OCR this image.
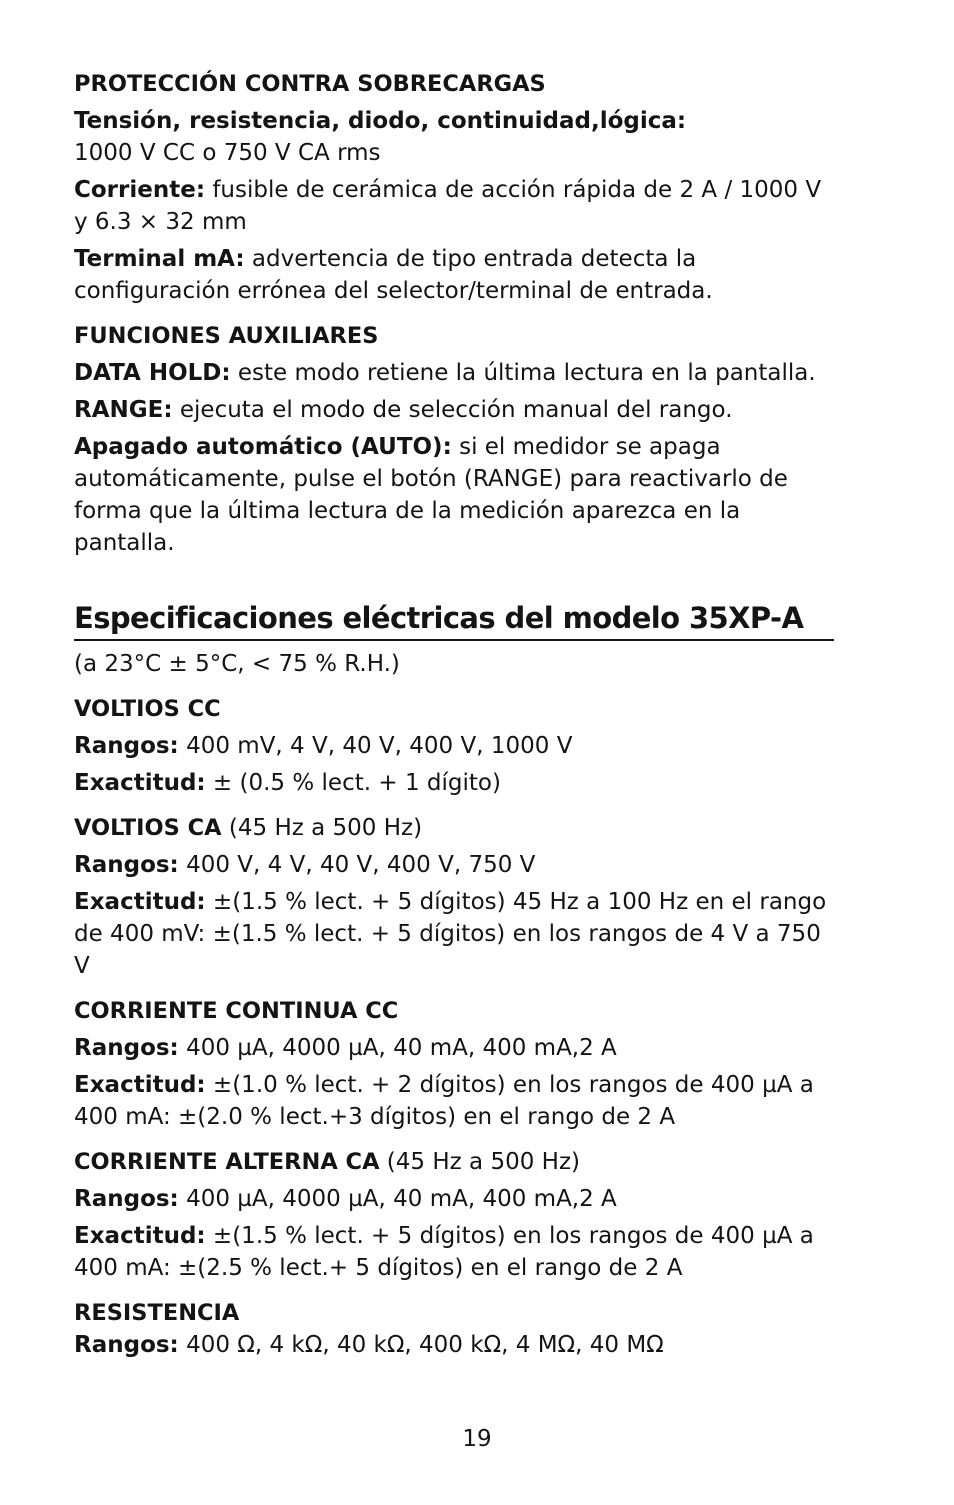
PROTECCIÓN CONTRA SOBRECARGAS

Tensión, resistencia, diodo, continuidad,lógica:

1000 V CC o 750 V CA rms

Corriente: fusible de cerámica de acción rápida de 2 A / 1000 V y 6.3 × 32 mm

Terminal mA: advertencia de tipo entrada detecta la configuración errónea del selector/terminal de entrada.

FUNCIONES AUXILIARES

DATA HOLD: este modo retiene la última lectura en la pantalla.

RANGE: ejecuta el modo de selección manual del rango.

Apagado automático (AUTO): si el medidor se apaga automáticamente, pulse el botón (RANGE) para reactivarlo de forma que la última lectura de la medición aparezca en la pantalla.

Especificaciones eléctricas del modelo 35XP-A

(a 23°C ± 5°C, < 75 % R.H.)

VOLTIOS CC

Rangos: 400 mV, 4 V, 40 V, 400 V, 1000 V

Exactitud: ± (0.5 % lect. + 1 dígito)

VOLTIOS CA (45 Hz a 500 Hz)

Rangos: 400 V, 4 V, 40 V, 400 V, 750 V

Exactitud: ±(1.5 % lect. + 5 dígitos) 45 Hz a 100 Hz en el rango de 400 mV: ±(1.5 % lect. + 5 dígitos) en los rangos de 4 V a 750 V

CORRIENTE CONTINUA CC

Rangos: 400 µA, 4000 µA, 40 mA, 400 mA,2 A

Exactitud: ±(1.0 % lect. + 2 dígitos) en los rangos de 400 µA a 400 mA: ±(2.0 % lect.+3 dígitos) en el rango de 2 A

CORRIENTE ALTERNA CA (45 Hz a 500 Hz)

Rangos: 400 µA, 4000 µA, 40 mA, 400 mA,2 A

Exactitud: ±(1.5 % lect. + 5 dígitos) en los rangos de 400 µA a 400 mA: ±(2.5 % lect.+ 5 dígitos) en el rango de 2 A

RESISTENCIA

Rangos: 400 Ω, 4 kΩ, 40 kΩ, 400 kΩ, 4 MΩ, 40 MΩ

19
